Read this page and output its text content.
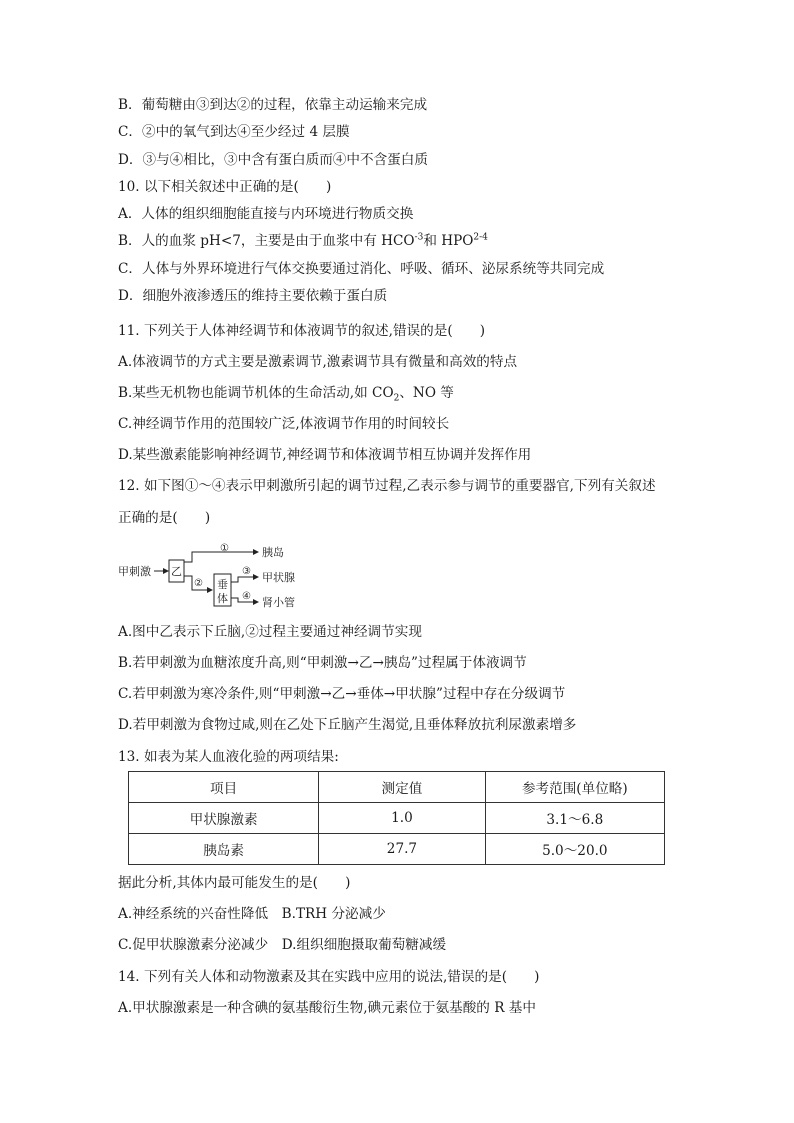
B．葡萄糖由③到达②的过程，依靠主动运输来完成
C．②中的氧气到达④至少经过 4 层膜
D．③与④相比，③中含有蛋白质而④中不含蛋白质
10. 以下相关叙述中正确的是(　　)
A．人体的组织细胞能直接与内环境进行物质交换
B．人的血浆 pH<7，主要是由于血浆中有 $HCO^{-3}$和 HPO$^{2-4}$
C．人体与外界环境进行气体交换要通过消化、呼吸、循环、泌尿系统等共同完成
D．细胞外液渗透压的维持主要依赖于蛋白质
11. 下列关于人体神经调节和体液调节的叙述,错误的是(　　)
A.体液调节的方式主要是激素调节,激素调节具有微量和高效的特点
B.某些无机物也能调节机体的生命活动,如 $CO_2$、NO 等
C.神经调节作用的范围较广泛,体液调节作用的时间较长
D.某些激素能影响神经调节,神经调节和体液调节相互协调并发挥作用
12. 如下图①～④表示甲刺激所引起的调节过程,乙表示参与调节的重要器官,下列有关叙述
正确的是(　　)
甲刺激 乙
①	胰岛
② 垂
体
③
④
甲状腺
肾小管
A.图中乙表示下丘脑,②过程主要通过神经调节实现
B.若甲刺激为血糖浓度升高,则“甲刺激→乙→胰岛”过程属于体液调节
C.若甲刺激为寒冷条件,则“甲刺激→乙→垂体→甲状腺”过程中存在分级调节
D.若甲刺激为食物过咸,则在乙处下丘脑产生渴觉,且垂体释放抗利尿激素增多
13. 如表为某人血液化验的两项结果:
项目	测定值	参考范围(单位略)
甲状腺激素	1.0	3.1～6.8
胰岛素	27.7	5.0～20.0
据此分析,其体内最可能发生的是(　　)
A.神经系统的兴奋性降低　B.TRH 分泌减少
C.促甲状腺激素分泌减少　D.组织细胞摄取葡萄糖减缓
14. 下列有关人体和动物激素及其在实践中应用的说法,错误的是(　　)
A.甲状腺激素是一种含碘的氨基酸衍生物,碘元素位于氨基酸的 R 基中
